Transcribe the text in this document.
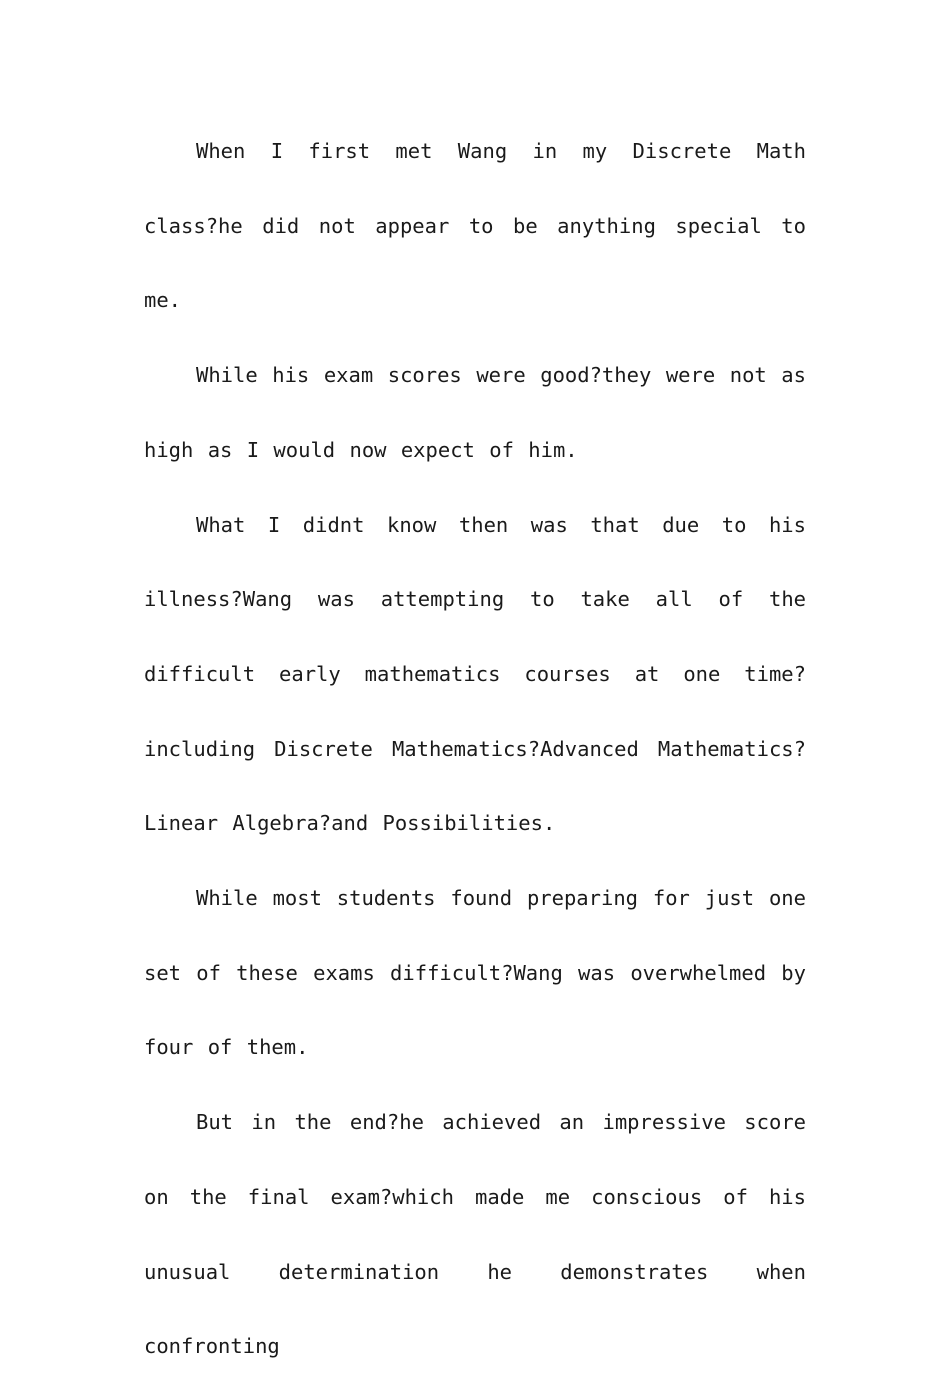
When I first met Wang in my Discrete Math class?he did not appear to be anything special to me.

While his exam scores were good?they were not as high as I would now expect of him.

What I didnt know then was that due to his illness?Wang was attempting to take all of the difficult early mathematics courses at one time?including Discrete Mathematics?Advanced Mathematics?Linear Algebra?and Possibilities.

While most students found preparing for just one set of these exams difficult?Wang was overwhelmed by four of them.

But in the end?he achieved an impressive score on the final exam?which made me conscious of his unusual determination he demonstrates when confronting
